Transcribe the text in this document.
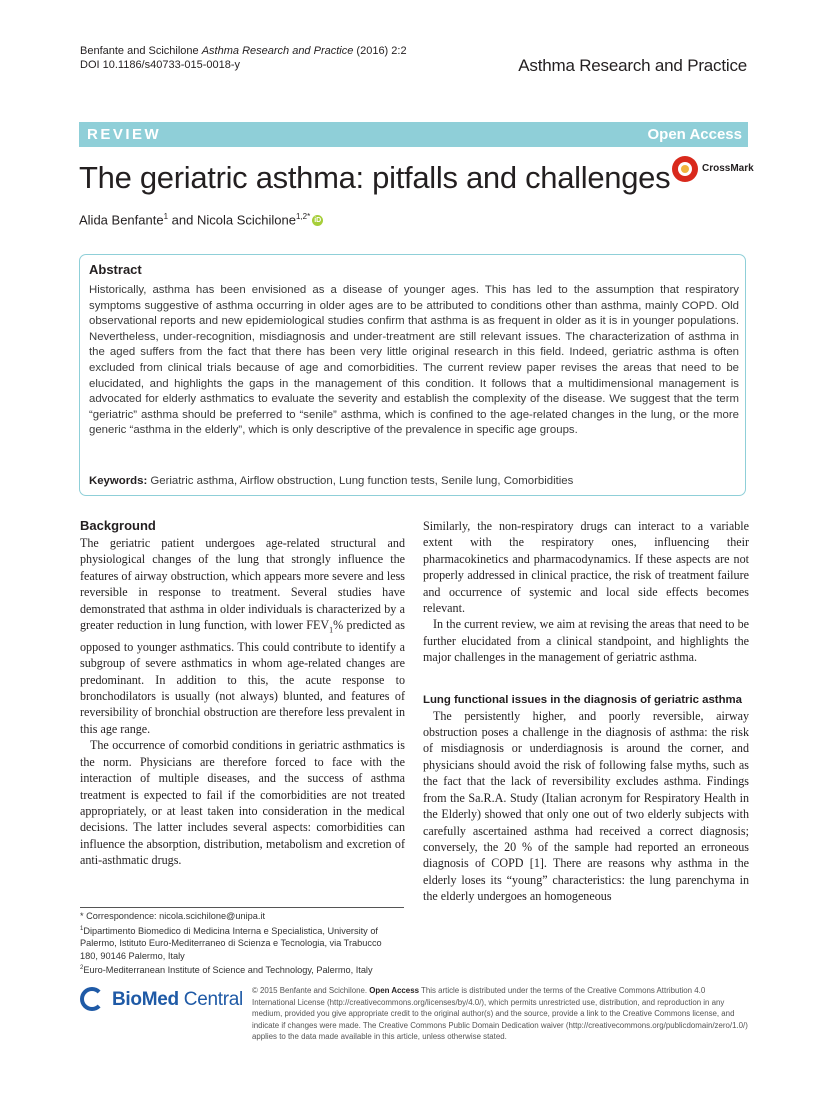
Benfante and Scichilone Asthma Research and Practice (2016) 2:2
DOI 10.1186/s40733-015-0018-y	Asthma Research and Practice
REVIEW	Open Access
The geriatric asthma: pitfalls and challenges	CrossMark
Alida Benfante$^1$ and Nicola Scichilone$^{1,2*}$ iD
Abstract
Historically, asthma has been envisioned as a disease of younger ages. This has led to the assumption that respiratory symptoms suggestive of asthma occurring in older ages are to be attributed to conditions other than asthma, mainly COPD. Old observational reports and new epidemiological studies confirm that asthma is as frequent in older as it is in younger populations. Nevertheless, under-recognition, misdiagnosis and under-treatment are still relevant issues. The characterization of asthma in the aged suffers from the fact that there has been very little original research in this field. Indeed, geriatric asthma is often excluded from clinical trials because of age and comorbidities. The current review paper revises the areas that need to be elucidated, and highlights the gaps in the management of this condition. It follows that a multidimensional management is advocated for elderly asthmatics to evaluate the severity and establish the complexity of the disease. We suggest that the term “geriatric” asthma should be preferred to “senile” asthma, which is confined to the age-related changes in the lung, or the more generic “asthma in the elderly”, which is only descriptive of the prevalence in specific age groups.
Keywords: Geriatric asthma, Airflow obstruction, Lung function tests, Senile lung, Comorbidities
Background

The geriatric patient undergoes age-related structural and physiological changes of the lung that strongly influence the features of airway obstruction, which appears more severe and less reversible in response to treatment. Several studies have demonstrated that asthma in older individuals is characterized by a greater reduction in lung function, with lower $FEV_1\%$ predicted as opposed to younger asthmatics. This could contribute to identify a subgroup of severe asthmatics in whom age-related changes are predominant. In addition to this, the acute response to bronchodilators is usually (not always) blunted, and features of reversibility of bronchial obstruction are therefore less prevalent in this age range.

The occurrence of comorbid conditions in geriatric asthmatics is the norm. Physicians are therefore forced to face with the interaction of multiple diseases, and the success of asthma treatment is expected to fail if the comorbidities are not treated appropriately, or at least taken into consideration in the medical decisions. The latter includes several aspects: comorbidities can influence the absorption, distribution, metabolism and excretion of anti-asthmatic drugs.

Similarly, the non-respiratory drugs can interact to a variable extent with the respiratory ones, influencing their pharmacokinetics and pharmacodynamics. If these aspects are not properly addressed in clinical practice, the risk of treatment failure and occurrence of systemic and local side effects becomes relevant.

In the current review, we aim at revising the areas that need to be further elucidated from a clinical standpoint, and highlights the major challenges in the management of geriatric asthma.

Lung functional issues in the diagnosis of geriatric asthma

The persistently higher, and poorly reversible, airway obstruction poses a challenge in the diagnosis of asthma: the risk of misdiagnosis or underdiagnosis is around the corner, and physicians should avoid the risk of following false myths, such as the fact that the lack of reversibility excludes asthma. Findings from the Sa.R.A. Study (Italian acronym for Respiratory Health in the Elderly) showed that only one out of two elderly subjects with carefully ascertained asthma had received a correct diagnosis; conversely, the 20 % of the sample had reported an erroneous diagnosis of COPD [1]. There are reasons why asthma in the elderly loses its “young” characteristics: the lung parenchyma in the elderly undergoes an homogeneous

* Correspondence: nicola.scichilone@unipa.it
$^1$Dipartimento Biomedico di Medicina Interna e Specialistica, University of Palermo, Istituto Euro-Mediterraneo di Scienza e Tecnologia, via Trabucco 180, 90146 Palermo, Italy
$^2$Euro-Mediterranean Institute of Science and Technology, Palermo, Italy
BioMed Central © 2015 Benfante and Scichilone. Open Access This article is distributed under the terms of the Creative Commons Attribution 4.0 International License (http://creativecommons.org/licenses/by/4.0/), which permits unrestricted use, distribution, and reproduction in any medium, provided you give appropriate credit to the original author(s) and the source, provide a link to the Creative Commons license, and indicate if changes were made. The Creative Commons Public Domain Dedication waiver (http://creativecommons.org/publicdomain/zero/1.0/) applies to the data made available in this article, unless otherwise stated.
